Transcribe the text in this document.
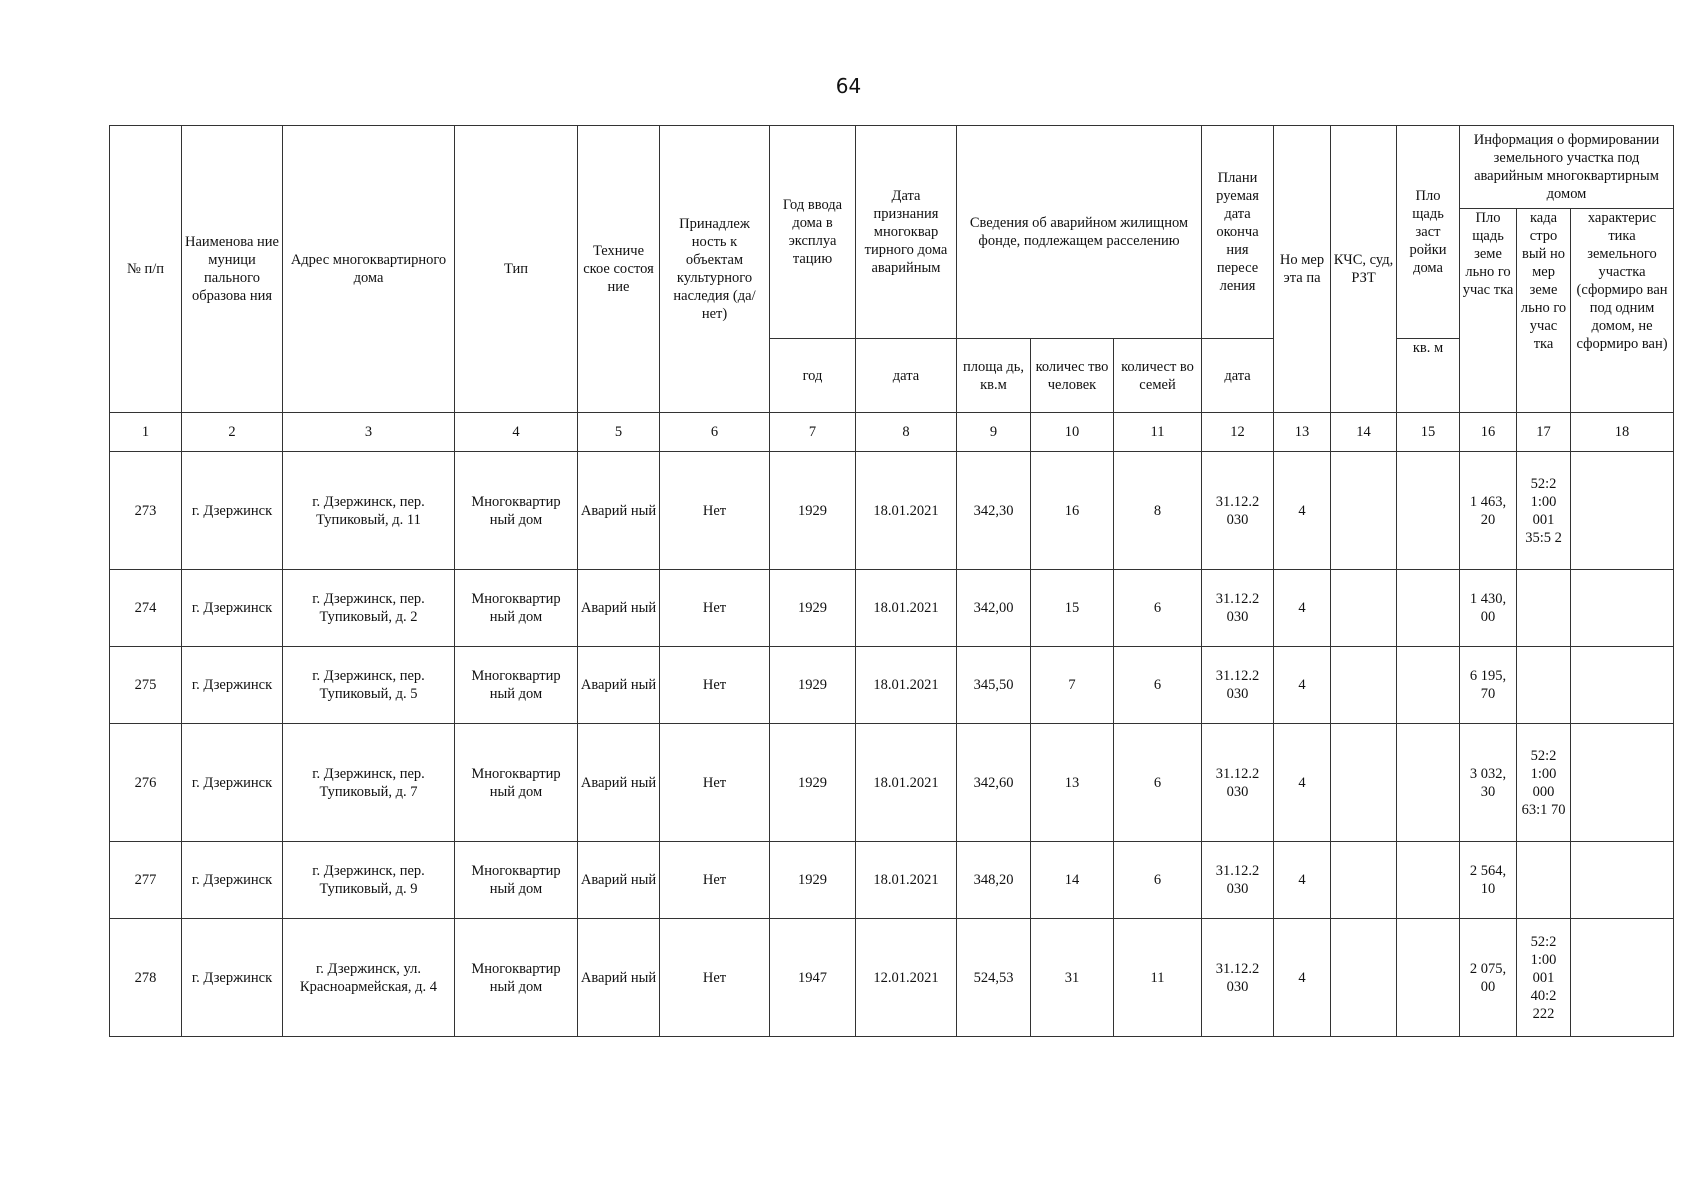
64
№ п/п	Наименова ние муници пального образова ния	Адрес многоквартирного дома	Тип	Техниче ское состоя ние	Принадлеж ность к объектам культурного наследия (да/нет)	Год ввода дома в эксплуа тацию	Дата признания многоквар тирного дома аварийным	Сведения об аварийном жилищном фонде, подлежащем расселению			Плани руемая дата оконча ния пересе ления	Но мер эта па	КЧС, суд, РЗТ	Пло щадь заст ройки дома	Информация о формировании земельного участка под аварийным многоквартирным домом		
															Пло щадь земе льно го учас тка	када стро вый но мер земе льно го учас тка	характерис тика земельного участка (сформиро ван под одним домом, не сформиро ван)
						год	дата	площа дь, кв.м	количес тво человек	количест во семей	дата			кв. м			
1	2	3	4	5	6	7	8	9	10	11	12	13	14	15	16	17	18
273	г. Дзержинск	г. Дзержинск, пер. Тупиковый, д. 11	Многоквартир ный дом	Аварий ный	Нет	1929	18.01.2021	342,30	16	8	31.12.2 030	4			1 463, 20	52:2 1:00 001 35:5 2	
274	г. Дзержинск	г. Дзержинск, пер. Тупиковый, д. 2	Многоквартир ный дом	Аварий ный	Нет	1929	18.01.2021	342,00	15	6	31.12.2 030	4			1 430, 00		
275	г. Дзержинск	г. Дзержинск, пер. Тупиковый, д. 5	Многоквартир ный дом	Аварий ный	Нет	1929	18.01.2021	345,50	7	6	31.12.2 030	4			6 195, 70		
276	г. Дзержинск	г. Дзержинск, пер. Тупиковый, д. 7	Многоквартир ный дом	Аварий ный	Нет	1929	18.01.2021	342,60	13	6	31.12.2 030	4			3 032, 30	52:2 1:00 000 63:1 70	
277	г. Дзержинск	г. Дзержинск, пер. Тупиковый, д. 9	Многоквартир ный дом	Аварий ный	Нет	1929	18.01.2021	348,20	14	6	31.12.2 030	4			2 564, 10		
278	г. Дзержинск	г. Дзержинск, ул. Красноармейская, д. 4	Многоквартир ный дом	Аварий ный	Нет	1947	12.01.2021	524,53	31	11	31.12.2 030	4			2 075, 00	52:2 1:00 001 40:2 222	
